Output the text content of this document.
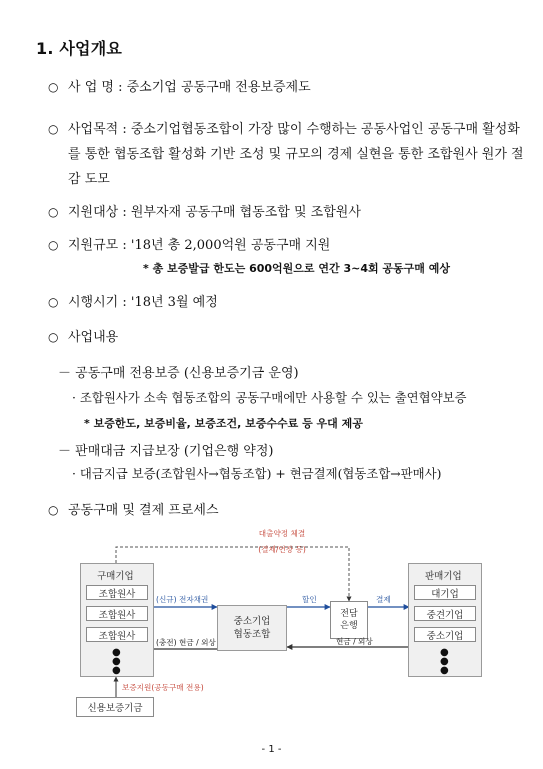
1. 사업개요
○ 사 업 명 : 중소기업 공동구매 전용보증제도
○ 사업목적 : 중소기업협동조합이 가장 많이 수행하는 공동사업인 공동구매 활성화를 통한 협동조합 활성화 기반 조성 및 규모의 경제 실현을 통한 조합원사 원가 절감 도모
○ 지원대상 : 원부자재 공동구매 협동조합 및 조합원사
○ 지원규모 : '18년 총 2,000억원 공동구매 지원
* 총 보증발급 한도는 600억원으로 연간 3~4회 공동구매 예상
○ 시행시기 : '18년 3월 예정
○ 사업내용
－ 공동구매 전용보증 (신용보증기금 운영)
· 조합원사가 소속 협동조합의 공동구매에만 사용할 수 있는 출연협약보증
* 보증한도, 보증비율, 보증조건, 보증수수료 등 우대 제공
－ 판매대금 지급보장 (기업은행 약정)
· 대금지급 보증(조합원사→협동조합) + 현금결제(협동조합→판매사)
○ 공동구매 및 결제 프로세스
대출약정 체결
(결제/연장 등)
구매기업
조합원사
조합원사
조합원사
●
●
●
중소기업
협동조합
전담
은행
판매기업
대기업
중견기업
중소기업
●
●
●
(신규) 전자채권
(충전) 현금 / 외상
할인	결제
현금 / 외상
보증지원(공동구매 전용)
신용보증기금
- 1 -
